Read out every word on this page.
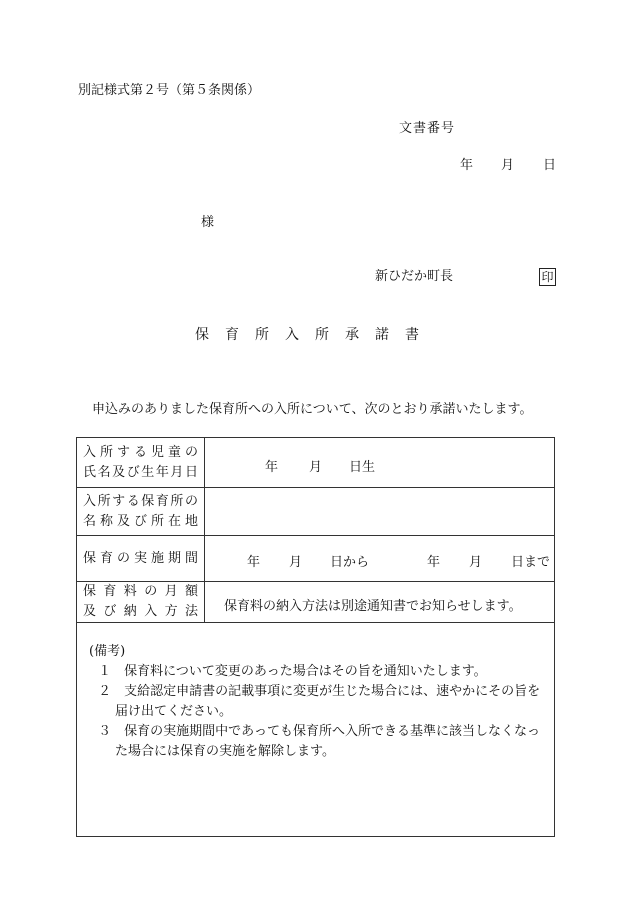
別記様式第２号（第５条関係）
文書番号
年 月 日
様
新ひだか町長	印
保育所入所承諾書
申込みのありました保育所への入所について、次のとおり承諾いたします。
入所する児童の
氏名及び生年月日	年 月 日生
入所する保育所の
名称及び所在地
保育の実施期間	年 月 日から	年 月 日まで
保育料の月額
及び納入方法 保育料の納入方法は別途通知書でお知らせします。
(備考)
１　保育料について変更のあった場合はその旨を通知いたします。
２　支給認定申請書の記載事項に変更が生じた場合には、速やかにその旨を届け出てください。
３　保育の実施期間中であっても保育所へ入所できる基準に該当しなくなった場合には保育の実施を解除します。
